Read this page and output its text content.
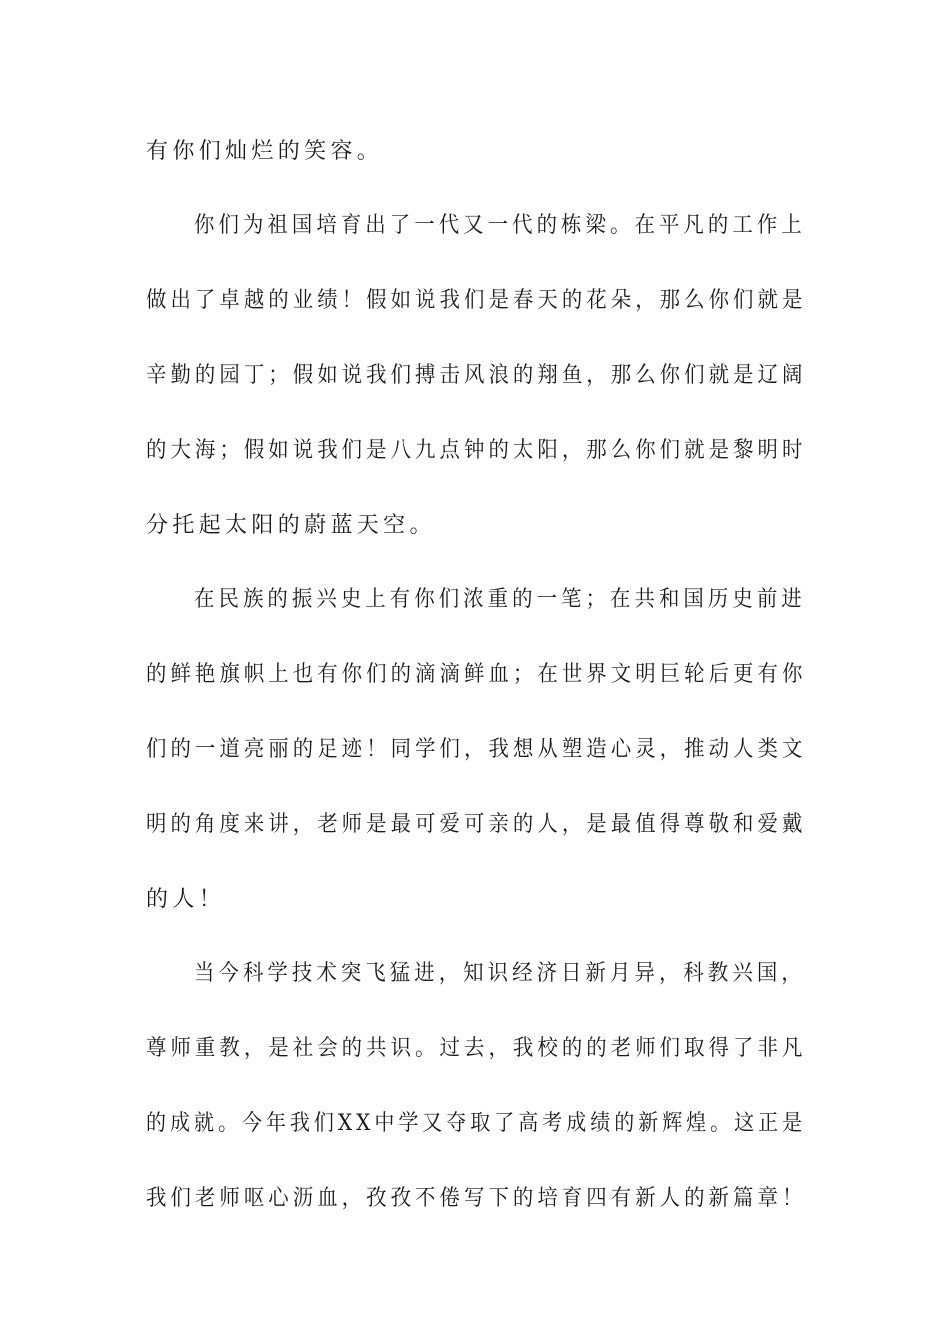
有你们灿烂的笑容。
你们为祖国培育出了一代又一代的栋梁。在平凡的工作上
做出了卓越的业绩！假如说我们是春天的花朵，那么你们就是
辛勤的园丁；假如说我们搏击风浪的翔鱼，那么你们就是辽阔
的大海；假如说我们是八九点钟的太阳，那么你们就是黎明时
分托起太阳的蔚蓝天空。
在民族的振兴史上有你们浓重的一笔；在共和国历史前进
的鲜艳旗帜上也有你们的滴滴鲜血；在世界文明巨轮后更有你
们的一道亮丽的足迹！同学们，我想从塑造心灵，推动人类文
明的角度来讲，老师是最可爱可亲的人，是最值得尊敬和爱戴
的人！
当今科学技术突飞猛进，知识经济日新月异，科教兴国，
尊师重教，是社会的共识。过去，我校的的老师们取得了非凡
的成就。今年我们XX中学又夺取了高考成绩的新辉煌。这正是
我们老师呕心沥血，孜孜不倦写下的培育四有新人的新篇章！
